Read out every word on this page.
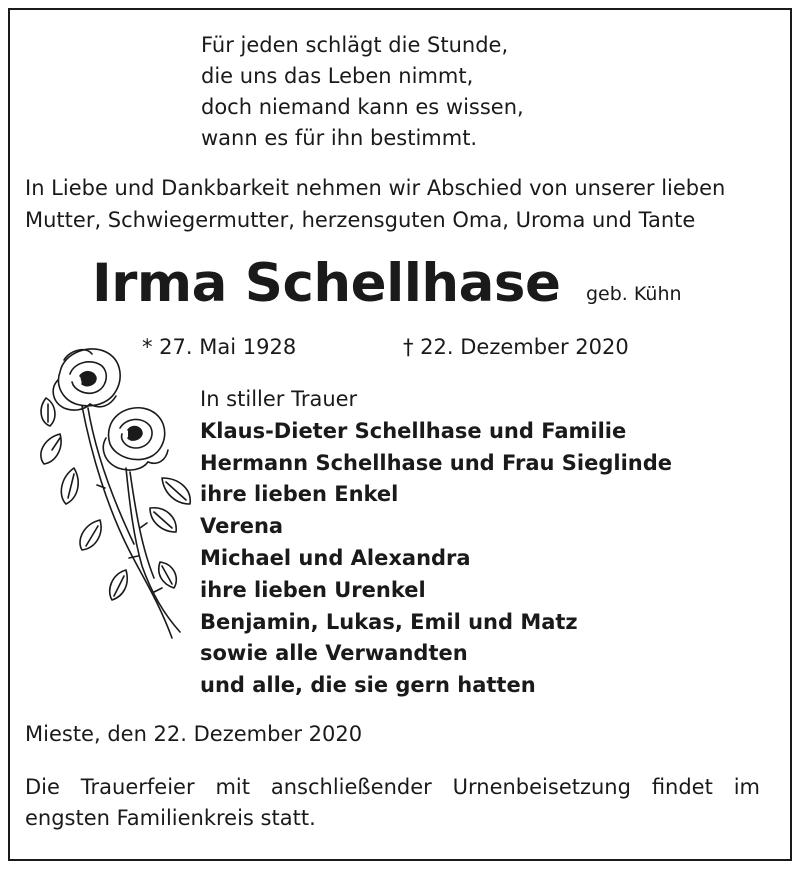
Für jeden schlägt die Stunde,
die uns das Leben nimmt,
doch niemand kann es wissen,
wann es für ihn bestimmt.
In Liebe und Dankbarkeit nehmen wir Abschied von unserer lieben
Mutter, Schwiegermutter, herzensguten Oma, Uroma und Tante
Irma Schellhase geb. Kühn
* 27. Mai 1928	† 22. Dezember 2020
In stiller Trauer
Klaus-Dieter Schellhase und Familie
Hermann Schellhase und Frau Sieglinde
ihre lieben Enkel
Verena
Michael und Alexandra
ihre lieben Urenkel
Benjamin, Lukas, Emil und Matz
sowie alle Verwandten
und alle, die sie gern hatten
Mieste, den 22. Dezember 2020
Die Trauerfeier mit anschließender Urnenbeisetzung findet im
engsten Familienkreis statt.
